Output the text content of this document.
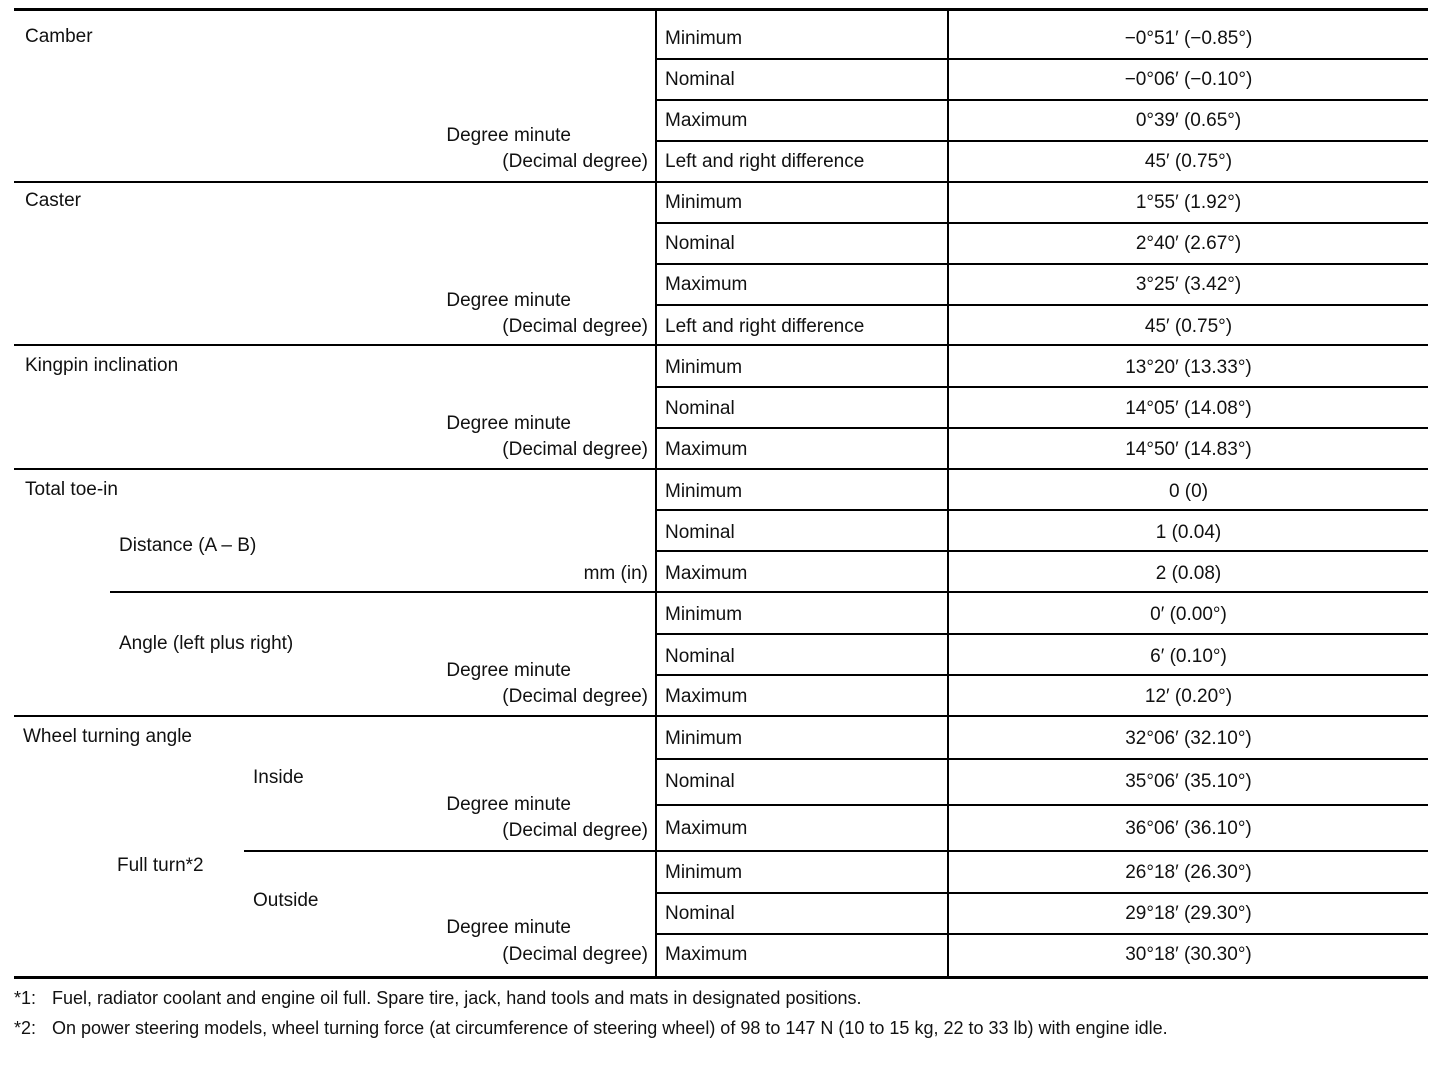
Camber
Degree minute
(Decimal degree)
Minimum	−0°51′ (−0.85°)
Nominal	−0°06′ (−0.10°)
Maximum	0°39′ (0.65°)
Left and right difference	45′ (0.75°)
Caster
Degree minute
(Decimal degree)
Minimum	1°55′ (1.92°)
Nominal	2°40′ (2.67°)
Maximum	3°25′ (3.42°)
Left and right difference	45′ (0.75°)
Kingpin inclination
Degree minute
(Decimal degree)
Minimum	13°20′ (13.33°)
Nominal	14°05′ (14.08°)
Maximum	14°50′ (14.83°)
Total toe-in
Distance (A – B)
mm (in)
Minimum	0 (0)
Nominal	1 (0.04)
Maximum	2 (0.08)
Angle (left plus right)
Degree minute
(Decimal degree)
Minimum	0′ (0.00°)
Nominal	6′ (0.10°)
Maximum	12′ (0.20°)
Wheel turning angle
Full turn*2
Inside
Degree minute
(Decimal degree)
Minimum	32°06′ (32.10°)
Nominal	35°06′ (35.10°)
Maximum	36°06′ (36.10°)
Outside
Degree minute
(Decimal degree)
Minimum	26°18′ (26.30°)
Nominal	29°18′ (29.30°)
Maximum	30°18′ (30.30°)
*1: Fuel, radiator coolant and engine oil full. Spare tire, jack, hand tools and mats in designated positions.
*2: On power steering models, wheel turning force (at circumference of steering wheel) of 98 to 147 N (10 to 15 kg, 22 to 33 lb) with engine idle.
